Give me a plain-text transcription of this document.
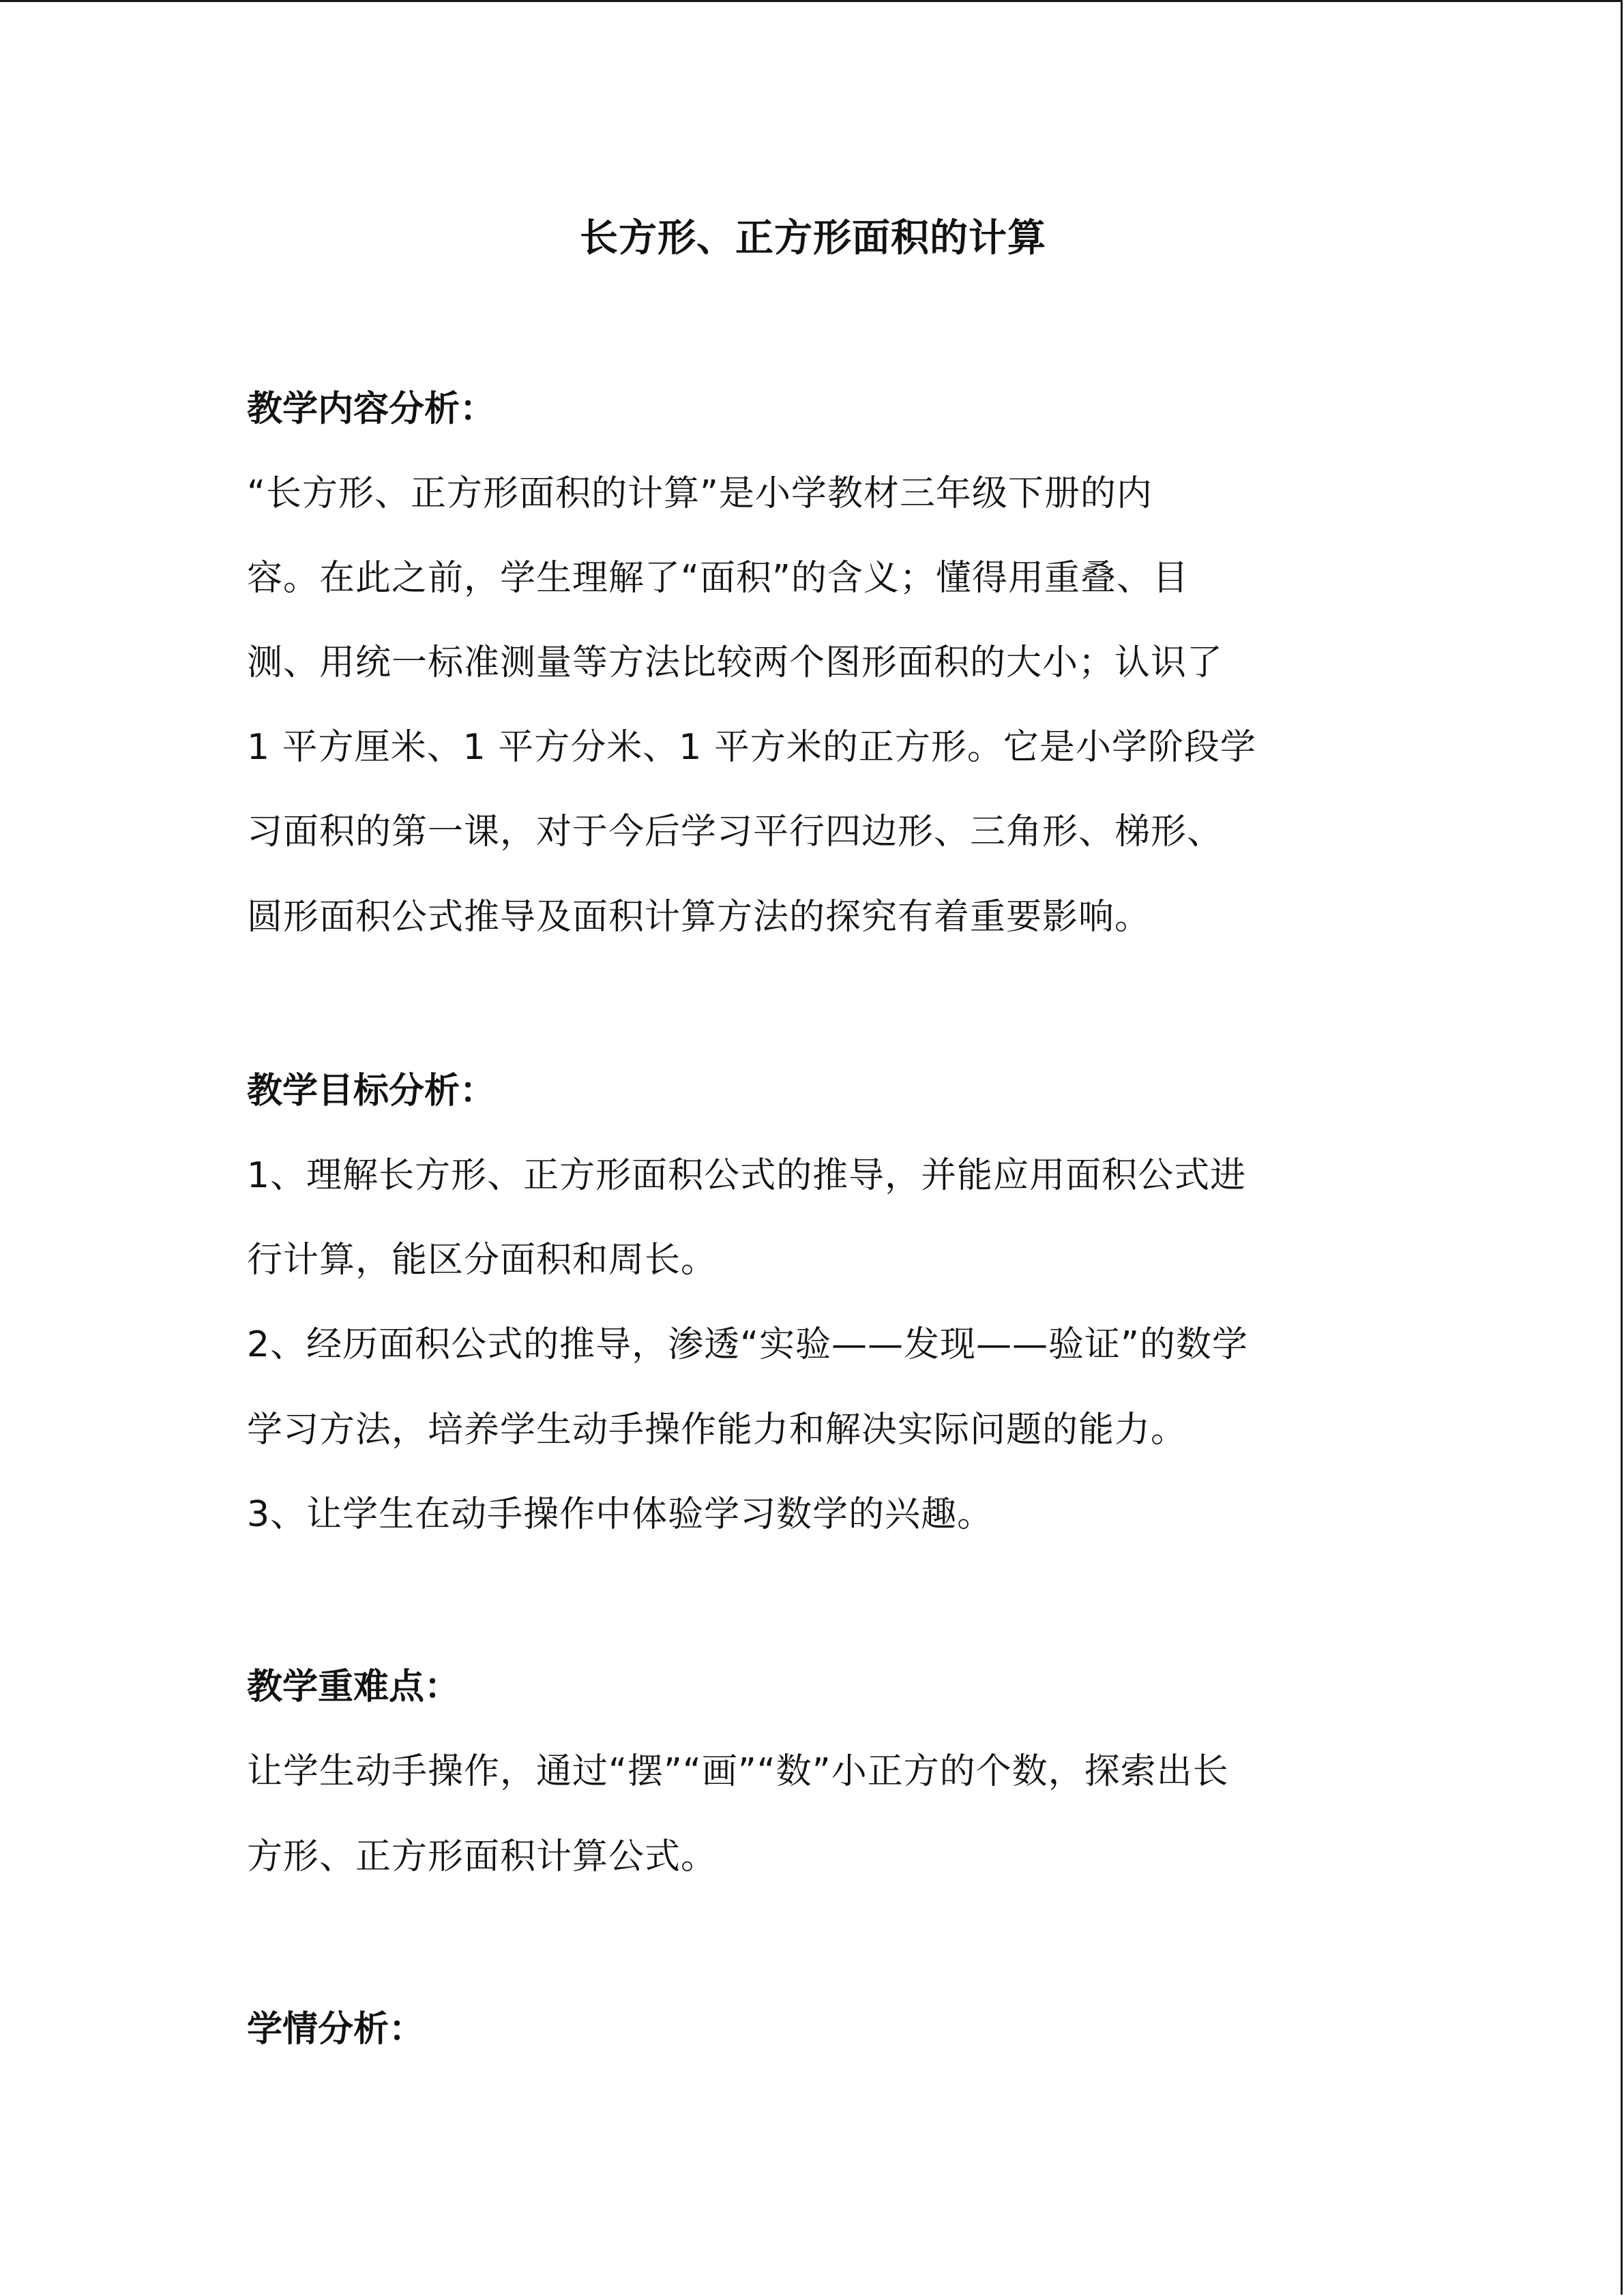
长方形、正方形面积的计算
教学内容分析：
“长方形、正方形面积的计算”是小学教材三年级下册的内
容。在此之前，学生理解了“面积”的含义；懂得用重叠、目
测、用统一标准测量等方法比较两个图形面积的大小；认识了
1 平方厘米、1 平方分米、1 平方米的正方形。它是小学阶段学
习面积的第一课，对于今后学习平行四边形、三角形、梯形、
圆形面积公式推导及面积计算方法的探究有着重要影响。
教学目标分析：
1、理解长方形、正方形面积公式的推导，并能应用面积公式进
行计算，能区分面积和周长。
2、经历面积公式的推导，渗透“实验——发现——验证”的数学
学习方法，培养学生动手操作能力和解决实际问题的能力。
3、让学生在动手操作中体验学习数学的兴趣。
教学重难点：
让学生动手操作，通过“摆”“画”“数”小正方的个数，探索出长
方形、正方形面积计算公式。
学情分析：
